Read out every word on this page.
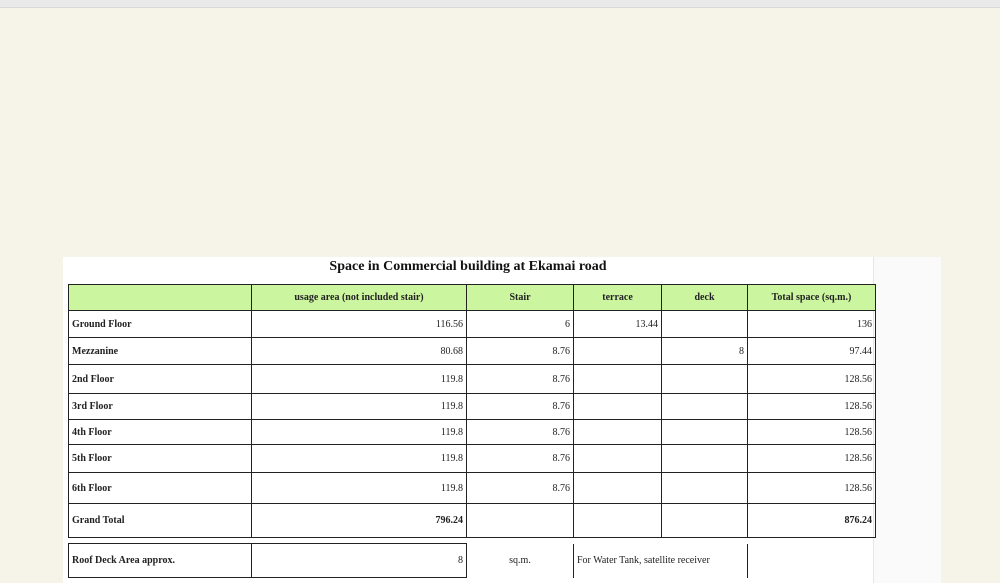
Space in Commercial building at Ekamai road
	usage area (not included stair)	Stair	terrace	deck	Total space (sq.m.)
Ground Floor	116.56	6	13.44		136
Mezzanine	80.68	8.76		8	97.44
2nd Floor	119.8	8.76			128.56
3rd Floor	119.8	8.76			128.56
4th Floor	119.8	8.76			128.56
5th Floor	119.8	8.76			128.56
6th Floor	119.8	8.76			128.56
Grand Total	796.24				876.24

Roof Deck Area approx.	8	sq.m.	For Water Tank, satellite receiver		
